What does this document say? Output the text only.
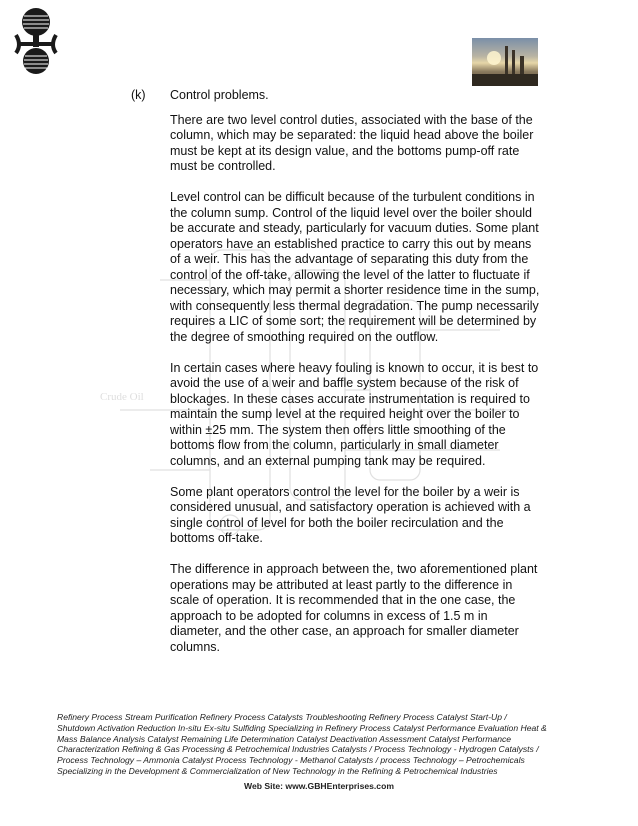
Crude Oil
(k) Control problems.

There are two level control duties, associated with the base of the column, which may be separated: the liquid head above the boiler must be kept at its design value, and the bottoms pump-off rate must be controlled.

Level control can be difficult because of the turbulent conditions in the column sump. Control of the liquid level over the boiler should be accurate and steady, particularly for vacuum duties. Some plant operators have an established practice to carry this out by means of a weir. This has the advantage of separating this duty from the control of the off-take, allowing the level of the latter to fluctuate if necessary, which may permit a shorter residence time in the sump, with consequently less thermal degradation. The pump necessarily requires a LIC of some sort; the requirement will be determined by the degree of smoothing required on the outflow.

In certain cases where heavy fouling is known to occur, it is best to avoid the use of a weir and baffle system because of the risk of blockages. In these cases accurate instrumentation is required to maintain the sump level at the required height over the boiler to within ±25 mm. The system then offers little smoothing of the bottoms flow from the column, particularly in small diameter columns, and an external pumping tank may be required.

Some plant operators control the level for the boiler by a weir is considered unusual, and satisfactory operation is achieved with a single control of level for both the boiler recirculation and the bottoms off-take.

The difference in approach between the, two aforementioned plant operations may be attributed at least partly to the difference in scale of operation. It is recommended that in the one case, the approach to be adopted for columns in excess of 1.5 m in diameter, and the other case, an approach for smaller diameter columns.

Refinery Process Stream Purification Refinery Process Catalysts Troubleshooting Refinery Process Catalyst Start-Up / Shutdown Activation Reduction In-situ Ex-situ Sulfiding Specializing in Refinery Process Catalyst Performance Evaluation Heat & Mass Balance Analysis Catalyst Remaining Life Determination Catalyst Deactivation Assessment Catalyst Performance Characterization Refining & Gas Processing & Petrochemical Industries Catalysts / Process Technology - Hydrogen Catalysts / Process Technology – Ammonia Catalyst Process Technology - Methanol Catalysts / process Technology – Petrochemicals Specializing in the Development & Commercialization of New Technology in the Refining & Petrochemical Industries
Web Site: www.GBHEnterprises.com
